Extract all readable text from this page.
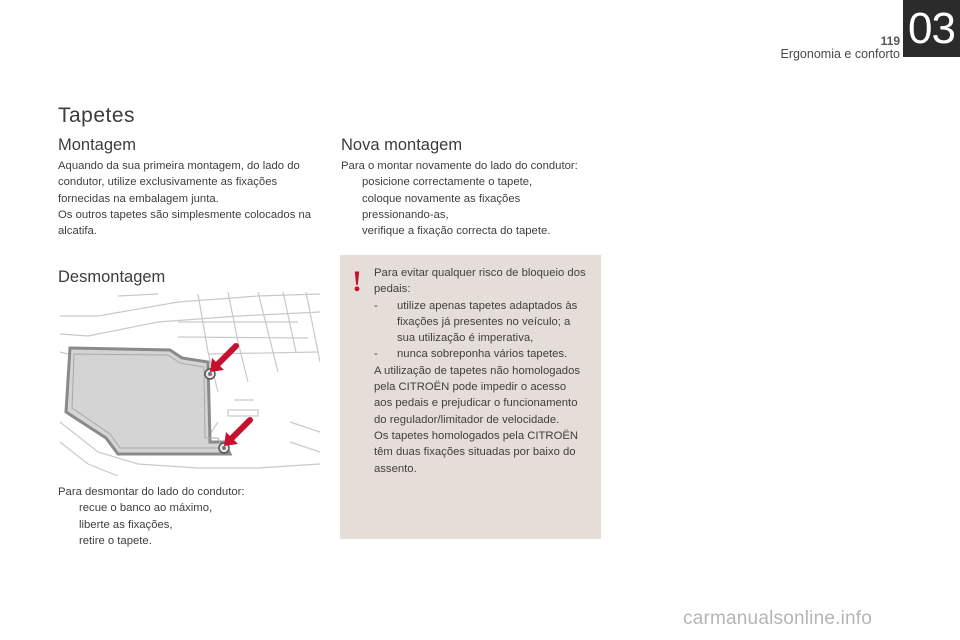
119
Ergonomia e conforto
03
Tapetes
Montagem

Aquando da sua primeira montagem, do lado do condutor, utilize exclusivamente as fixações fornecidas na embalagem junta.

Os outros tapetes são simplesmente colocados na alcatifa.

Desmontagem

Para desmontar do lado do condutor:

recue o banco ao máximo,
liberte as fixações,
retire o tapete.
Nova montagem

Para o montar novamente do lado do condutor:

posicione correctamente o tapete,
coloque novamente as fixações pressionando-as,
verifique a fixação correcta do tapete.
! Para evitar qualquer risco de bloqueio dos pedais:

- utilize apenas tapetes adaptados às fixações já presentes no veículo; a sua utilização é imperativa,
- nunca sobreponha vários tapetes.

A utilização de tapetes não homologados pela CITROËN pode impedir o acesso aos pedais e prejudicar o funcionamento do regulador/limitador de velocidade.

Os tapetes homologados pela CITROËN têm duas fixações situadas por baixo do assento.

carmanualsonline.info
